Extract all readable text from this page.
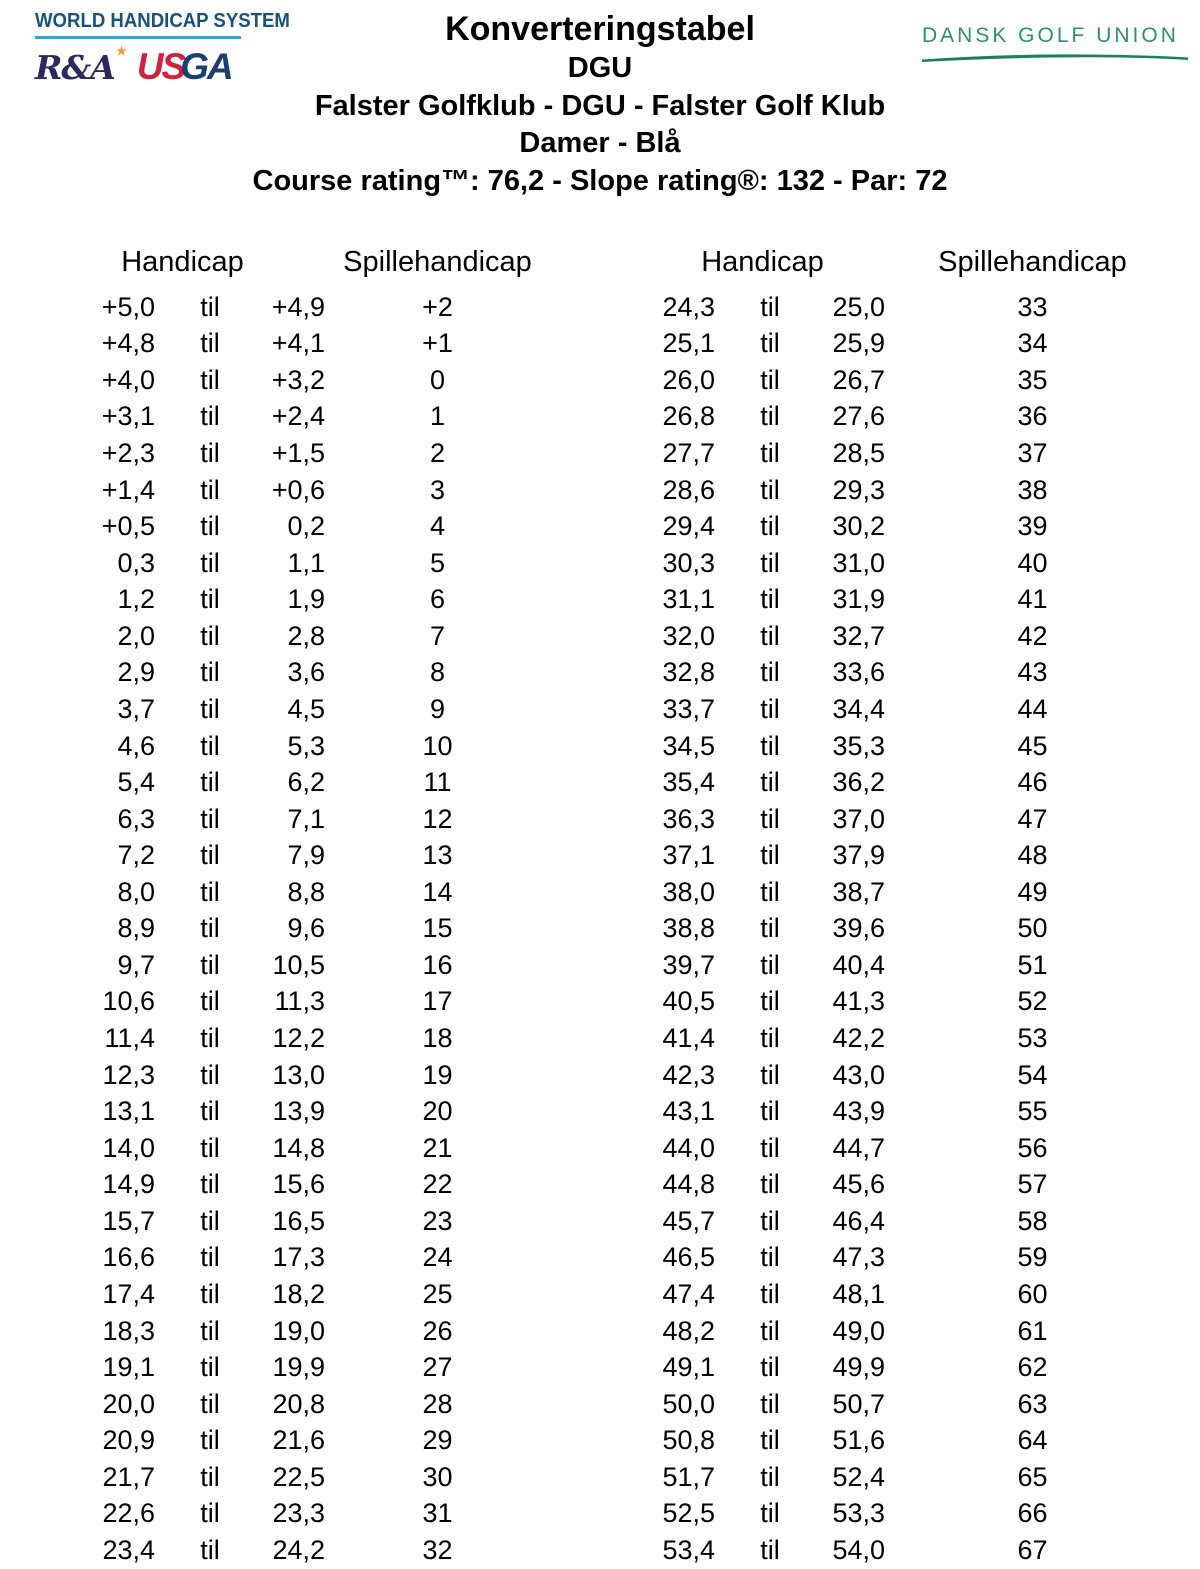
WORLD HANDICAP SYSTEM
R&A ★ USGA
Konverteringstabel
DGU
Falster Golfklub - DGU - Falster Golf Klub
Damer - Blå
Course rating™: 76,2 - Slope rating®: 132 - Par: 72
DANSK GOLF UNION
Handicap	Spillehandicap
+5,0	til	+4,9	+2
+4,8	til	+4,1	+1
+4,0	til	+3,2	0
+3,1	til	+2,4	1
+2,3	til	+1,5	2
+1,4	til	+0,6	3
+0,5	til	0,2	4
0,3	til	1,1	5
1,2	til	1,9	6
2,0	til	2,8	7
2,9	til	3,6	8
3,7	til	4,5	9
4,6	til	5,3	10
5,4	til	6,2	11
6,3	til	7,1	12
7,2	til	7,9	13
8,0	til	8,8	14
8,9	til	9,6	15
9,7	til	10,5	16
10,6	til	11,3	17
11,4	til	12,2	18
12,3	til	13,0	19
13,1	til	13,9	20
14,0	til	14,8	21
14,9	til	15,6	22
15,7	til	16,5	23
16,6	til	17,3	24
17,4	til	18,2	25
18,3	til	19,0	26
19,1	til	19,9	27
20,0	til	20,8	28
20,9	til	21,6	29
21,7	til	22,5	30
22,6	til	23,3	31
23,4	til	24,2	32
Handicap	Spillehandicap
24,3	til	25,0	33
25,1	til	25,9	34
26,0	til	26,7	35
26,8	til	27,6	36
27,7	til	28,5	37
28,6	til	29,3	38
29,4	til	30,2	39
30,3	til	31,0	40
31,1	til	31,9	41
32,0	til	32,7	42
32,8	til	33,6	43
33,7	til	34,4	44
34,5	til	35,3	45
35,4	til	36,2	46
36,3	til	37,0	47
37,1	til	37,9	48
38,0	til	38,7	49
38,8	til	39,6	50
39,7	til	40,4	51
40,5	til	41,3	52
41,4	til	42,2	53
42,3	til	43,0	54
43,1	til	43,9	55
44,0	til	44,7	56
44,8	til	45,6	57
45,7	til	46,4	58
46,5	til	47,3	59
47,4	til	48,1	60
48,2	til	49,0	61
49,1	til	49,9	62
50,0	til	50,7	63
50,8	til	51,6	64
51,7	til	52,4	65
52,5	til	53,3	66
53,4	til	54,0	67
